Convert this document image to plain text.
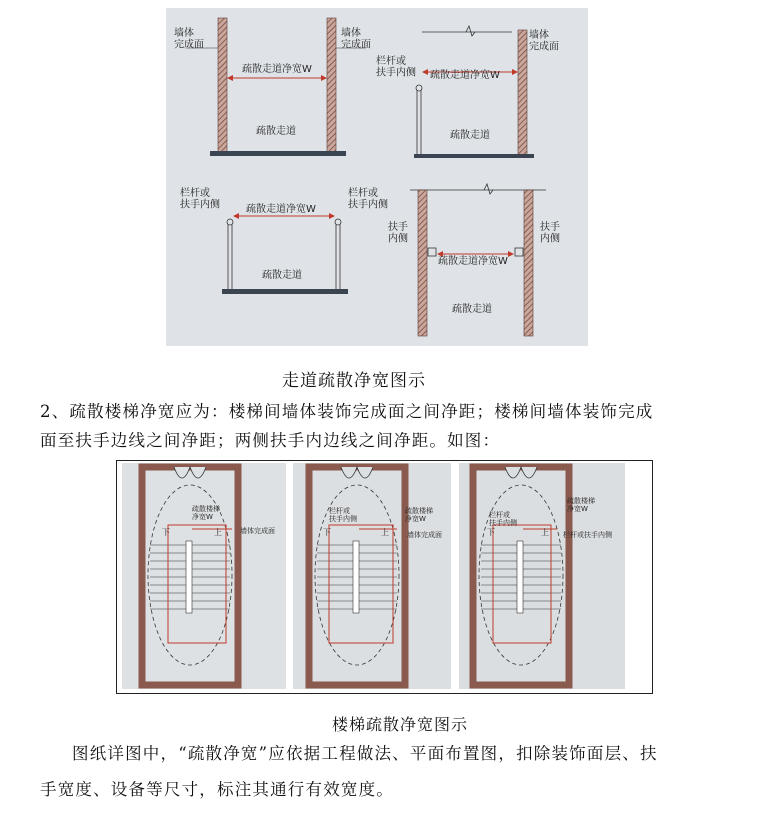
墙体完成面
墙体完成面
疏散走道净宽W
疏散走道
栏杆或扶手内侧
墙体完成面
疏散走道净宽W
疏散走道
栏杆或扶手内侧
栏杆或扶手内侧
疏散走道净宽W
疏散走道
扶手内侧
扶手内侧
疏散走道净宽W
疏散走道
走道疏散净宽图示
2、疏散楼梯净宽应为：楼梯间墙体装饰完成面之间净距；楼梯间墙体装饰完成
面至扶手边线之间净距；两侧扶手内边线之间净距。如图：
下	上
疏散楼梯净宽W
墙体完成面	下	上
栏杆或扶手内侧
疏散楼梯净宽W
墙体完成面	下	上
疏散楼梯净宽W
栏杆或扶手内侧
栏杆或扶手内侧
楼梯疏散净宽图示
图纸详图中，“疏散净宽”应依据工程做法、平面布置图，扣除装饰面层、扶
手宽度、设备等尺寸，标注其通行有效宽度。
